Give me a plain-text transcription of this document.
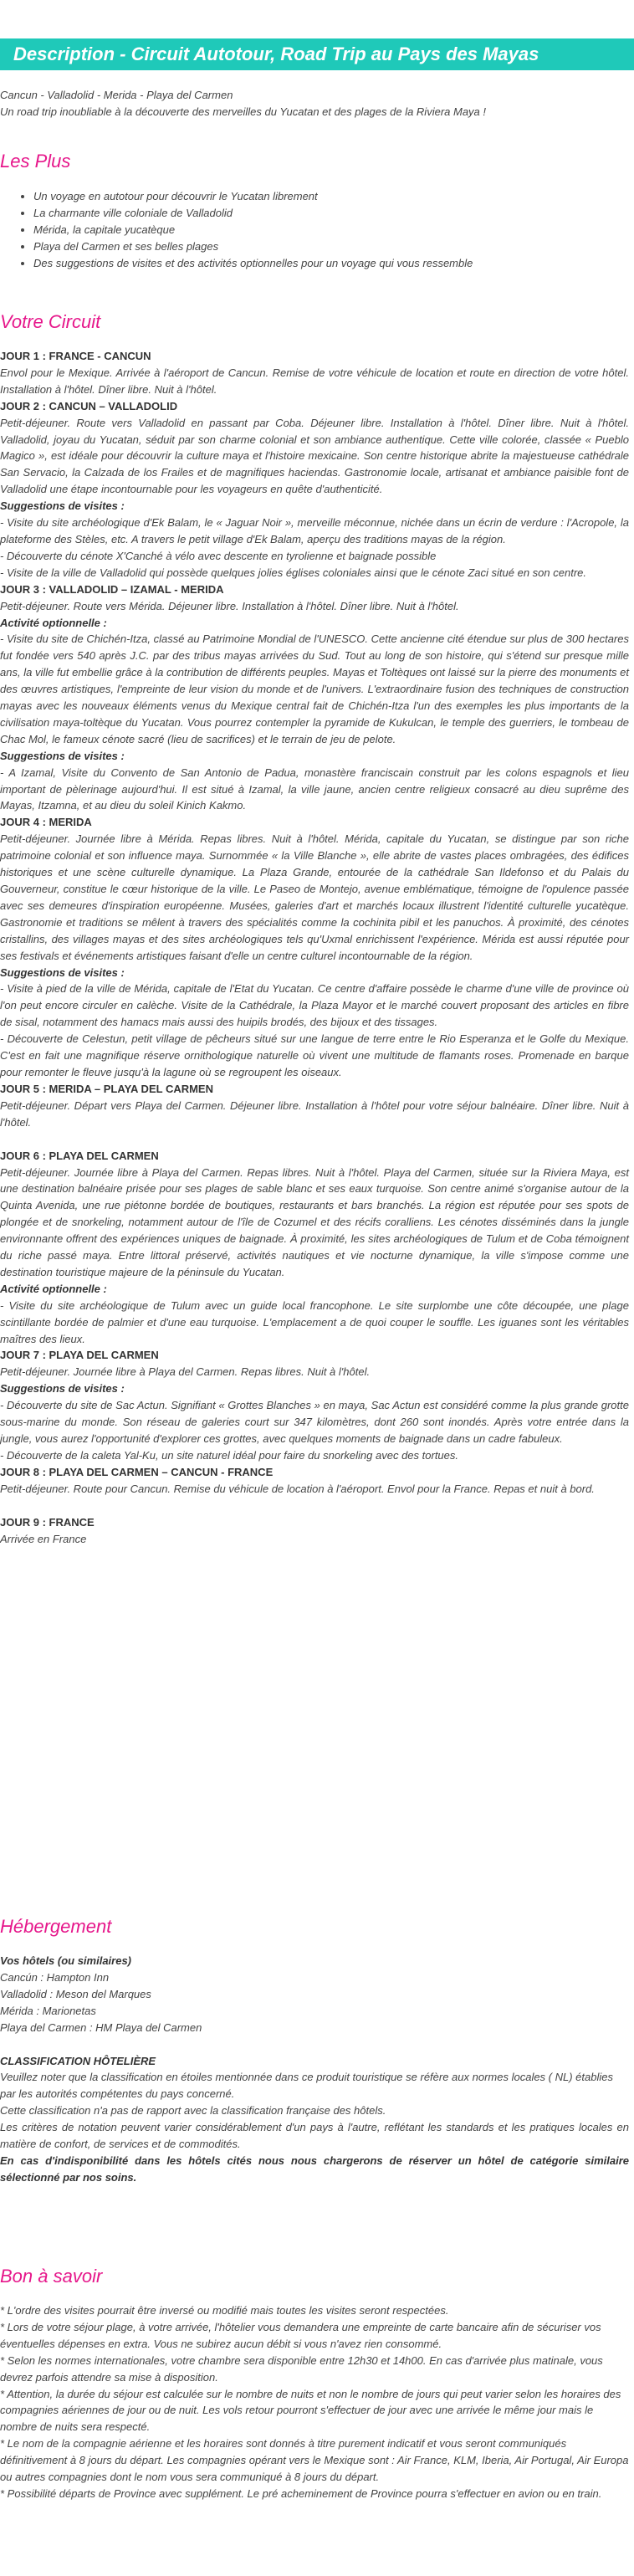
Description - Circuit Autotour, Road Trip au Pays des Mayas

Cancun - Valladolid - Merida - Playa del Carmen

Un road trip inoubliable à la découverte des merveilles du Yucatan et des plages de la Riviera Maya !

Les Plus
• Un voyage en autotour pour découvrir le Yucatan librement
• La charmante ville coloniale de Valladolid
• Mérida, la capitale yucatèque
• Playa del Carmen et ses belles plages
• Des suggestions de visites et des activités optionnelles pour un voyage qui vous ressemble
Votre Circuit

JOUR 1 : FRANCE - CANCUN

Envol pour le Mexique. Arrivée à l'aéroport de Cancun. Remise de votre véhicule de location et route en direction de votre hôtel. Installation à l'hôtel. Dîner libre. Nuit à l'hôtel.

JOUR 2 : CANCUN – VALLADOLID

Petit-déjeuner. Route vers Valladolid en passant par Coba. Déjeuner libre. Installation à l'hôtel. Dîner libre. Nuit à l'hôtel. Valladolid, joyau du Yucatan, séduit par son charme colonial et son ambiance authentique. Cette ville colorée, classée « Pueblo Magico », est idéale pour découvrir la culture maya et l'histoire mexicaine. Son centre historique abrite la majestueuse cathédrale San Servacio, la Calzada de los Frailes et de magnifiques haciendas. Gastronomie locale, artisanat et ambiance paisible font de Valladolid une étape incontournable pour les voyageurs en quête d'authenticité.

Suggestions de visites :

- Visite du site archéologique d'Ek Balam, le « Jaguar Noir », merveille méconnue, nichée dans un écrin de verdure : l'Acropole, la plateforme des Stèles, etc. A travers le petit village d'Ek Balam, aperçu des traditions mayas de la région.

- Découverte du cénote X'Canché à vélo avec descente en tyrolienne et baignade possible

- Visite de la ville de Valladolid qui possède quelques jolies églises coloniales ainsi que le cénote Zaci situé en son centre.

JOUR 3 : VALLADOLID – IZAMAL - MERIDA

Petit-déjeuner. Route vers Mérida. Déjeuner libre. Installation à l'hôtel. Dîner libre. Nuit à l'hôtel.

Activité optionnelle :

- Visite du site de Chichén-Itza, classé au Patrimoine Mondial de l'UNESCO. Cette ancienne cité étendue sur plus de 300 hectares fut fondée vers 540 après J.C. par des tribus mayas arrivées du Sud. Tout au long de son histoire, qui s'étend sur presque mille ans, la ville fut embellie grâce à la contribution de différents peuples. Mayas et Toltèques ont laissé sur la pierre des monuments et des œuvres artistiques, l'empreinte de leur vision du monde et de l'univers. L'extraordinaire fusion des techniques de construction mayas avec les nouveaux éléments venus du Mexique central fait de Chichén-Itza l'un des exemples les plus importants de la civilisation maya-toltèque du Yucatan. Vous pourrez contempler la pyramide de Kukulcan, le temple des guerriers, le tombeau de Chac Mol, le fameux cénote sacré (lieu de sacrifices) et le terrain de jeu de pelote.

Suggestions de visites :

- A Izamal, Visite du Convento de San Antonio de Padua, monastère franciscain construit par les colons espagnols et lieu important de pèlerinage aujourd'hui. Il est situé à Izamal, la ville jaune, ancien centre religieux consacré au dieu suprême des Mayas, Itzamna, et au dieu du soleil Kinich Kakmo.

JOUR 4 : MERIDA

Petit-déjeuner. Journée libre à Mérida. Repas libres. Nuit à l'hôtel. Mérida, capitale du Yucatan, se distingue par son riche patrimoine colonial et son influence maya. Surnommée « la Ville Blanche », elle abrite de vastes places ombragées, des édifices historiques et une scène culturelle dynamique. La Plaza Grande, entourée de la cathédrale San Ildefonso et du Palais du Gouverneur, constitue le cœur historique de la ville. Le Paseo de Montejo, avenue emblématique, témoigne de l'opulence passée avec ses demeures d'inspiration européenne. Musées, galeries d'art et marchés locaux illustrent l'identité culturelle yucatèque. Gastronomie et traditions se mêlent à travers des spécialités comme la cochinita pibil et les panuchos. À proximité, des cénotes cristallins, des villages mayas et des sites archéologiques tels qu'Uxmal enrichissent l'expérience. Mérida est aussi réputée pour ses festivals et événements artistiques faisant d'elle un centre culturel incontournable de la région.

Suggestions de visites :

- Visite à pied de la ville de Mérida, capitale de l'Etat du Yucatan. Ce centre d'affaire possède le charme d'une ville de province où l'on peut encore circuler en calèche. Visite de la Cathédrale, la Plaza Mayor et le marché couvert proposant des articles en fibre de sisal, notamment des hamacs mais aussi des huipils brodés, des bijoux et des tissages.

- Découverte de Celestun, petit village de pêcheurs situé sur une langue de terre entre le Rio Esperanza et le Golfe du Mexique. C'est en fait une magnifique réserve ornithologique naturelle où vivent une multitude de flamants roses. Promenade en barque pour remonter le fleuve jusqu'à la lagune où se regroupent les oiseaux.

JOUR 5 : MERIDA – PLAYA DEL CARMEN

Petit-déjeuner. Départ vers Playa del Carmen. Déjeuner libre. Installation à l'hôtel pour votre séjour balnéaire. Dîner libre. Nuit à l'hôtel.

JOUR 6 : PLAYA DEL CARMEN

Petit-déjeuner. Journée libre à Playa del Carmen. Repas libres. Nuit à l'hôtel. Playa del Carmen, située sur la Riviera Maya, est une destination balnéaire prisée pour ses plages de sable blanc et ses eaux turquoise. Son centre animé s'organise autour de la Quinta Avenida, une rue piétonne bordée de boutiques, restaurants et bars branchés. La région est réputée pour ses spots de plongée et de snorkeling, notamment autour de l'île de Cozumel et des récifs coralliens. Les cénotes disséminés dans la jungle environnante offrent des expériences uniques de baignade. À proximité, les sites archéologiques de Tulum et de Coba témoignent du riche passé maya. Entre littoral préservé, activités nautiques et vie nocturne dynamique, la ville s'impose comme une destination touristique majeure de la péninsule du Yucatan.

Activité optionnelle :

- Visite du site archéologique de Tulum avec un guide local francophone. Le site surplombe une côte découpée, une plage scintillante bordée de palmier et d'une eau turquoise. L'emplacement a de quoi couper le souffle. Les iguanes sont les véritables maîtres des lieux.

JOUR 7 : PLAYA DEL CARMEN

Petit-déjeuner. Journée libre à Playa del Carmen. Repas libres. Nuit à l'hôtel.

Suggestions de visites :

- Découverte du site de Sac Actun. Signifiant « Grottes Blanches » en maya, Sac Actun est considéré comme la plus grande grotte sous-marine du monde. Son réseau de galeries court sur 347 kilomètres, dont 260 sont inondés. Après votre entrée dans la jungle, vous aurez l'opportunité d'explorer ces grottes, avec quelques moments de baignade dans un cadre fabuleux.

- Découverte de la caleta Yal-Ku, un site naturel idéal pour faire du snorkeling avec des tortues.

JOUR 8 : PLAYA DEL CARMEN – CANCUN - FRANCE

Petit-déjeuner. Route pour Cancun. Remise du véhicule de location à l'aéroport. Envol pour la France. Repas et nuit à bord.

JOUR 9 : FRANCE

Arrivée en France

Hébergement

Vos hôtels (ou similaires)

Cancún : Hampton Inn

Valladolid : Meson del Marques

Mérida : Marionetas

Playa del Carmen : HM Playa del Carmen

CLASSIFICATION HÔTELIÈRE

Veuillez noter que la classification en étoiles mentionnée dans ce produit touristique se réfère aux normes locales ( NL) établies par les autorités compétentes du pays concerné.

Cette classification n'a pas de rapport avec la classification française des hôtels.

Les critères de notation peuvent varier considérablement d'un pays à l'autre, reflétant les standards et les pratiques locales en matière de confort, de services et de commodités.

En cas d'indisponibilité dans les hôtels cités nous nous chargerons de réserver un hôtel de catégorie similaire sélectionné par nos soins.

Bon à savoir

* L'ordre des visites pourrait être inversé ou modifié mais toutes les visites seront respectées.

* Lors de votre séjour plage, à votre arrivée, l'hôtelier vous demandera une empreinte de carte bancaire afin de sécuriser vos éventuelles dépenses en extra. Vous ne subirez aucun débit si vous n'avez rien consommé.

* Selon les normes internationales, votre chambre sera disponible entre 12h30 et 14h00. En cas d'arrivée plus matinale, vous devrez parfois attendre sa mise à disposition.

* Attention, la durée du séjour est calculée sur le nombre de nuits et non le nombre de jours qui peut varier selon les horaires des compagnies aériennes de jour ou de nuit. Les vols retour pourront s'effectuer de jour avec une arrivée le même jour mais le nombre de nuits sera respecté.

* Le nom de la compagnie aérienne et les horaires sont donnés à titre purement indicatif et vous seront communiqués définitivement à 8 jours du départ. Les compagnies opérant vers le Mexique sont : Air France, KLM, Iberia, Air Portugal, Air Europa ou autres compagnies dont le nom vous sera communiqué à 8 jours du départ.

* Possibilité départs de Province avec supplément. Le pré acheminement de Province pourra s'effectuer en avion ou en train.
